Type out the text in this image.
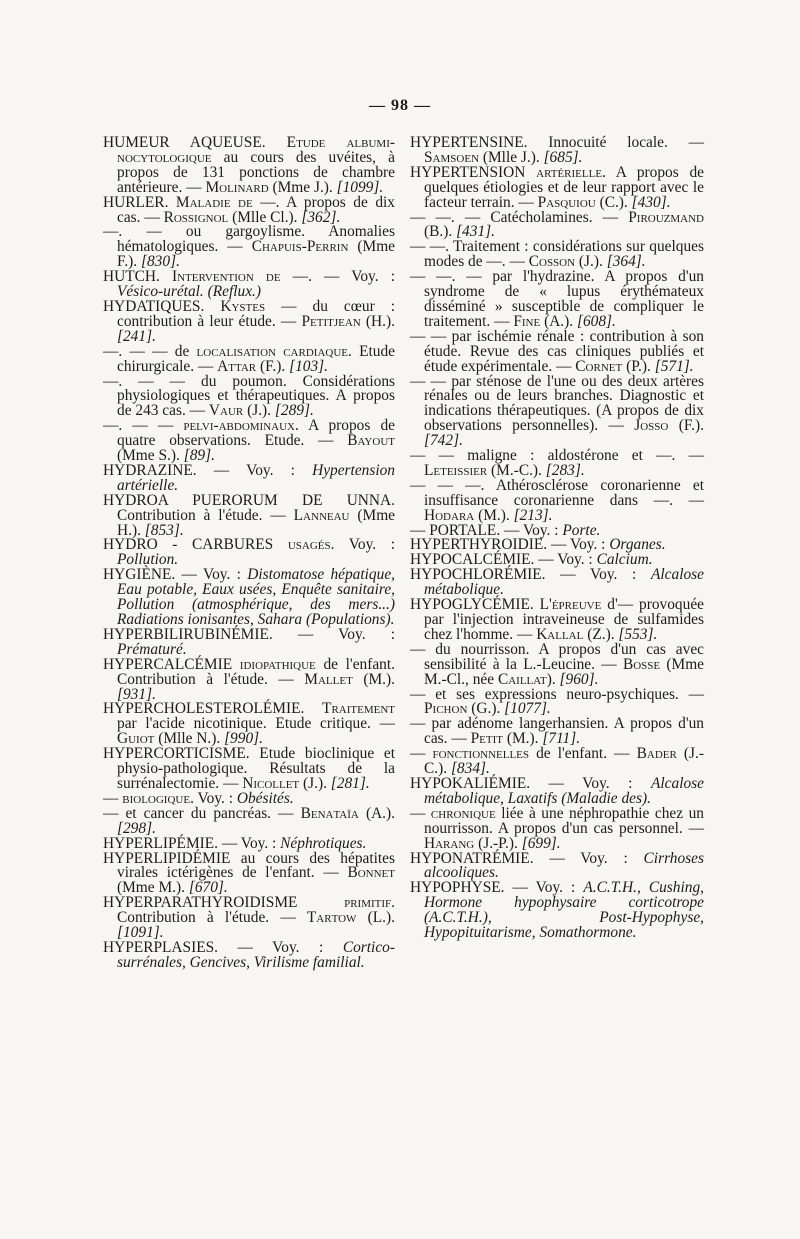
— 98 —

HUMEUR AQUEUSE. Etude albuminocytologique au cours des uvéites, à propos de 131 ponctions de chambre antérieure. — Molinard (Mme J.). [1099].

HURLER. Maladie de —. A propos de dix cas. — Rossignol (Mlle Cl.). [362].

—. — ou gargoylisme. Anomalies hématologiques. — Chapuis-Perrin (Mme F.). [830].

HUTCH. Intervention de —. — Voy. : Vésico-urétal. (Reflux.)

HYDATIQUES. Kystes — du cœur : contribution à leur étude. — Petitjean (H.). [241].

—. — — de localisation cardiaque. Etude chirurgicale. — Attar (F.). [103].

—. — — du poumon. Considérations physiologiques et thérapeutiques. A propos de 243 cas. — Vaur (J.). [289].

—. — — pelvi-abdominaux. A propos de quatre observations. Etude. — Bayout (Mme S.). [89].

HYDRAZINE. — Voy. : Hypertension artérielle.

HYDROA PUERORUM DE UNNA. Contribution à l'étude. — Lanneau (Mme H.). [853].

HYDRO - CARBURES usagés. Voy. : Pollution.

HYGIÈNE. — Voy. : Distomatose hépatique, Eau potable, Eaux usées, Enquête sanitaire, Pollution (atmosphérique, des mers...) Radiations ionisantes, Sahara (Populations).

HYPERBILIRUBINÉMIE. — Voy. : Prématuré.

HYPERCALCÉMIE idiopathique de l'enfant. Contribution à l'étude. — Mallet (M.). [931].

HYPERCHOLESTEROLÉMIE. Traitement par l'acide nicotinique. Etude critique. — Guiot (Mlle N.). [990].

HYPERCORTICISME. Etude bioclinique et physio-pathologique. Résultats de la surrénalectomie. — Nicollet (J.). [281].

— biologique. Voy. : Obésités.

— et cancer du pancréas. — Benataïa (A.). [298].

HYPERLIPÉMIE. — Voy. : Néphrotiques.

HYPERLIPIDÉMIE au cours des hépatites virales ictérigènes de l'enfant. — Bonnet (Mme M.). [670].

HYPERPARATHYROIDISME primitif. Contribution à l'étude. — Tartow (L.). [1091].

HYPERPLASIES. — Voy. : Corticosurrénales, Gencives, Virilisme familial.

HYPERTENSINE. Innocuité locale. — Samsoen (Mlle J.). [685].

HYPERTENSION artérielle. A propos de quelques étiologies et de leur rapport avec le facteur terrain. — Pasquiou (C.). [430].

— —. — Catécholamines. — Pirouzmand (B.). [431].

— —. Traitement : considérations sur quelques modes de —. — Cosson (J.). [364].

— —. — par l'hydrazine. A propos d'un syndrome de « lupus érythémateux disséminé » susceptible de compliquer le traitement. — Fine (A.). [608].

— — par ischémie rénale : contribution à son étude. Revue des cas cliniques publiés et étude expérimentale. — Cornet (P.). [571].

— — par sténose de l'une ou des deux artères rénales ou de leurs branches. Diagnostic et indications thérapeutiques. (A propos de dix observations personnelles). — Josso (F.). [742].

— — maligne : aldostérone et —. — Leteissier (M.-C.). [283].

— — —. Athérosclérose coronarienne et insuffisance coronarienne dans —. — Hodara (M.). [213].

— PORTALE. — Voy. : Porte.

HYPERTHYROIDIE. — Voy. : Organes.

HYPOCALCÉMIE. — Voy. : Calcium.

HYPOCHLORÉMIE. — Voy. : Alcalose métabolique.

HYPOGLYCÉMIE. L'épreuve d'— provoquée par l'injection intraveineuse de sulfamides chez l'homme. — Kallal (Z.). [553].

— du nourrisson. A propos d'un cas avec sensibilité à la L.-Leucine. — Bosse (Mme M.-Cl., née Caillat). [960].

— et ses expressions neuro-psychiques. — Pichon (G.). [1077].

— par adénome langerhansien. A propos d'un cas. — Petit (M.). [711].

— fonctionnelles de l'enfant. — Bader (J.-C.). [834].

HYPOKALIÉMIE. — Voy. : Alcalose métabolique, Laxatifs (Maladie des).

— chronique liée à une néphropathie chez un nourrisson. A propos d'un cas personnel. — Harang (J.-P.). [699].

HYPONATRÉMIE. — Voy. : Cirrhoses alcooliques.

HYPOPHYSE. — Voy. : A.C.T.H., Cushing, Hormone hypophysaire corticotrope (A.C.T.H.), Post-Hypophyse, Hypopituitarisme, Somathormone.
